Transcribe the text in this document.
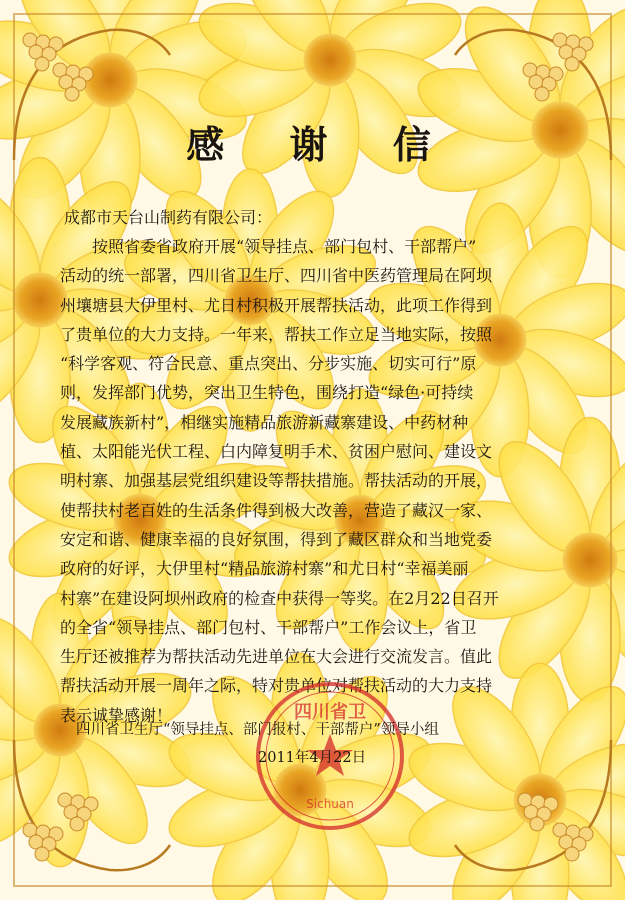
感 谢 信
成都市天台山制药有限公司：
　　按照省委省政府开展“领导挂点、部门包村、干部帮户”
活动的统一部署，四川省卫生厅、四川省中医药管理局在阿坝
州壤塘县大伊里村、尤日村积极开展帮扶活动，此项工作得到
了贵单位的大力支持。一年来，帮扶工作立足当地实际，按照
“科学客观、符合民意、重点突出、分步实施、切实可行”原
则，发挥部门优势，突出卫生特色，围绕打造“绿色·可持续
发展藏族新村”，相继实施精品旅游新藏寨建设、中药材种
植、太阳能光伏工程、白内障复明手术、贫困户慰问、建设文
明村寨、加强基层党组织建设等帮扶措施。帮扶活动的开展，
使帮扶村老百姓的生活条件得到极大改善，营造了藏汉一家、
安定和谐、健康幸福的良好氛围，得到了藏区群众和当地党委
政府的好评，大伊里村“精品旅游村寨”和尤日村“幸福美丽
村寨”在建设阿坝州政府的检查中获得一等奖。在2月22日召开
的全省“领导挂点、部门包村、干部帮户”工作会议上，省卫
生厅还被推荐为帮扶活动先进单位在大会进行交流发言。值此
帮扶活动开展一周年之际，特对贵单位对帮扶活动的大力支持
表示诚挚感谢！	四川省卫
Sichuan
四川省卫生厅“领导挂点、部门报村、干部帮户”领导小组
2011年4月22日
